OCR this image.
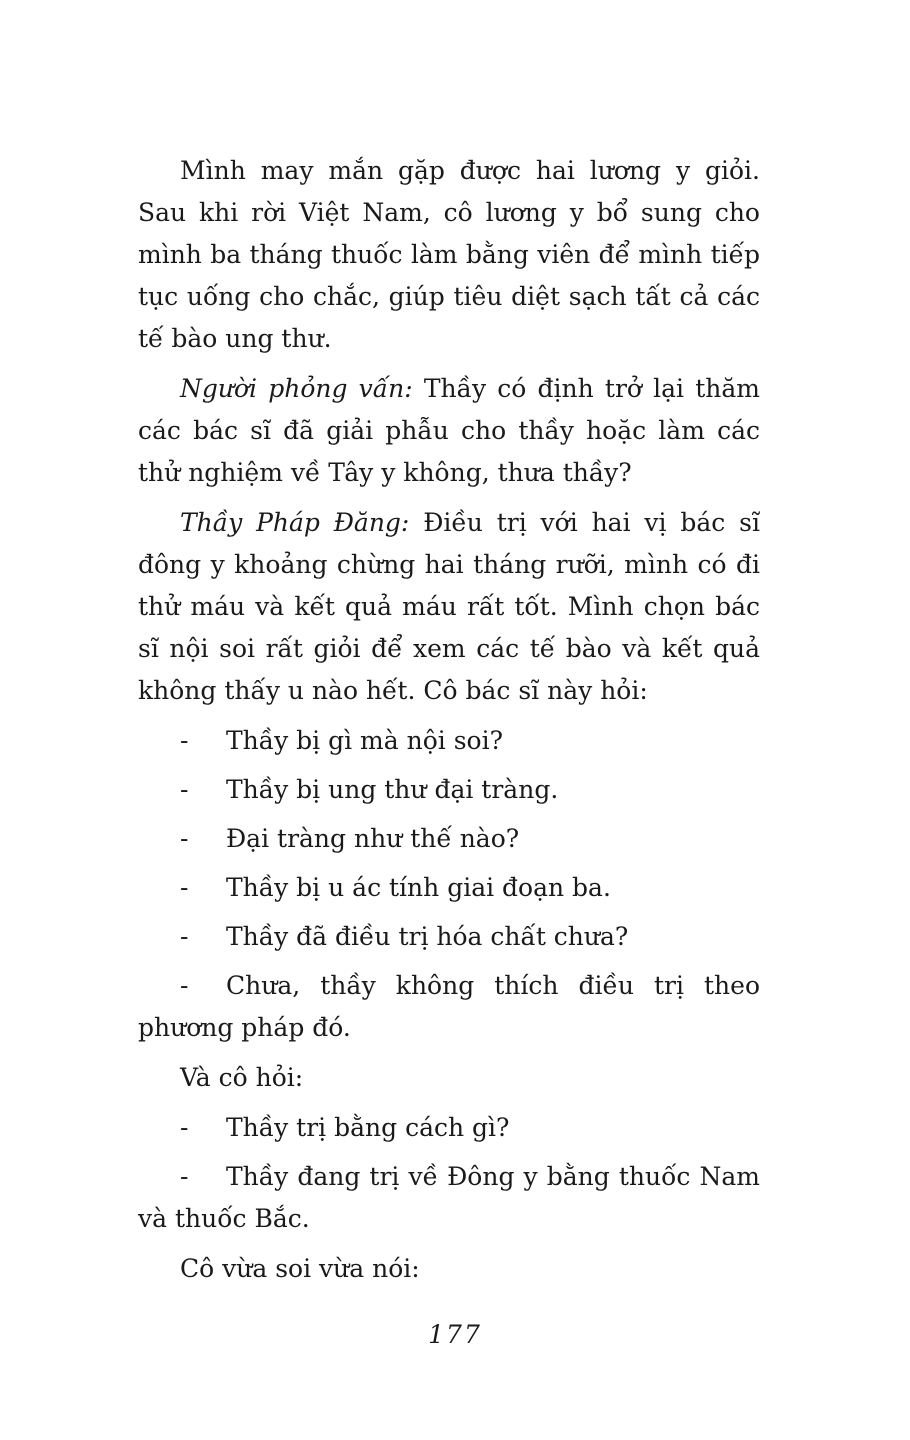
Mình may mắn gặp được hai lương y giỏi. Sau khi rời Việt Nam, cô lương y bổ sung cho mình ba tháng thuốc làm bằng viên để mình tiếp tục uống cho chắc, giúp tiêu diệt sạch tất cả các tế bào ung thư.

Người phỏng vấn: Thầy có định trở lại thăm các bác sĩ đã giải phẫu cho thầy hoặc làm các thử nghiệm về Tây y không, thưa thầy?

Thầy Pháp Đăng: Điều trị với hai vị bác sĩ đông y khoảng chừng hai tháng rưỡi, mình có đi thử máu và kết quả máu rất tốt. Mình chọn bác sĩ nội soi rất giỏi để xem các tế bào và kết quả không thấy u nào hết. Cô bác sĩ này hỏi:

-	Thầy bị gì mà nội soi?
-	Thầy bị ung thư đại tràng.
-	Đại tràng như thế nào?
-	Thầy bị u ác tính giai đoạn ba.
-	Thầy đã điều trị hóa chất chưa?

- Chưa, thầy không thích điều trị theo phương pháp đó.

Và cô hỏi:

-	Thầy trị bằng cách gì?

- Thầy đang trị về Đông y bằng thuốc Nam và thuốc Bắc.

Cô vừa soi vừa nói:

177
